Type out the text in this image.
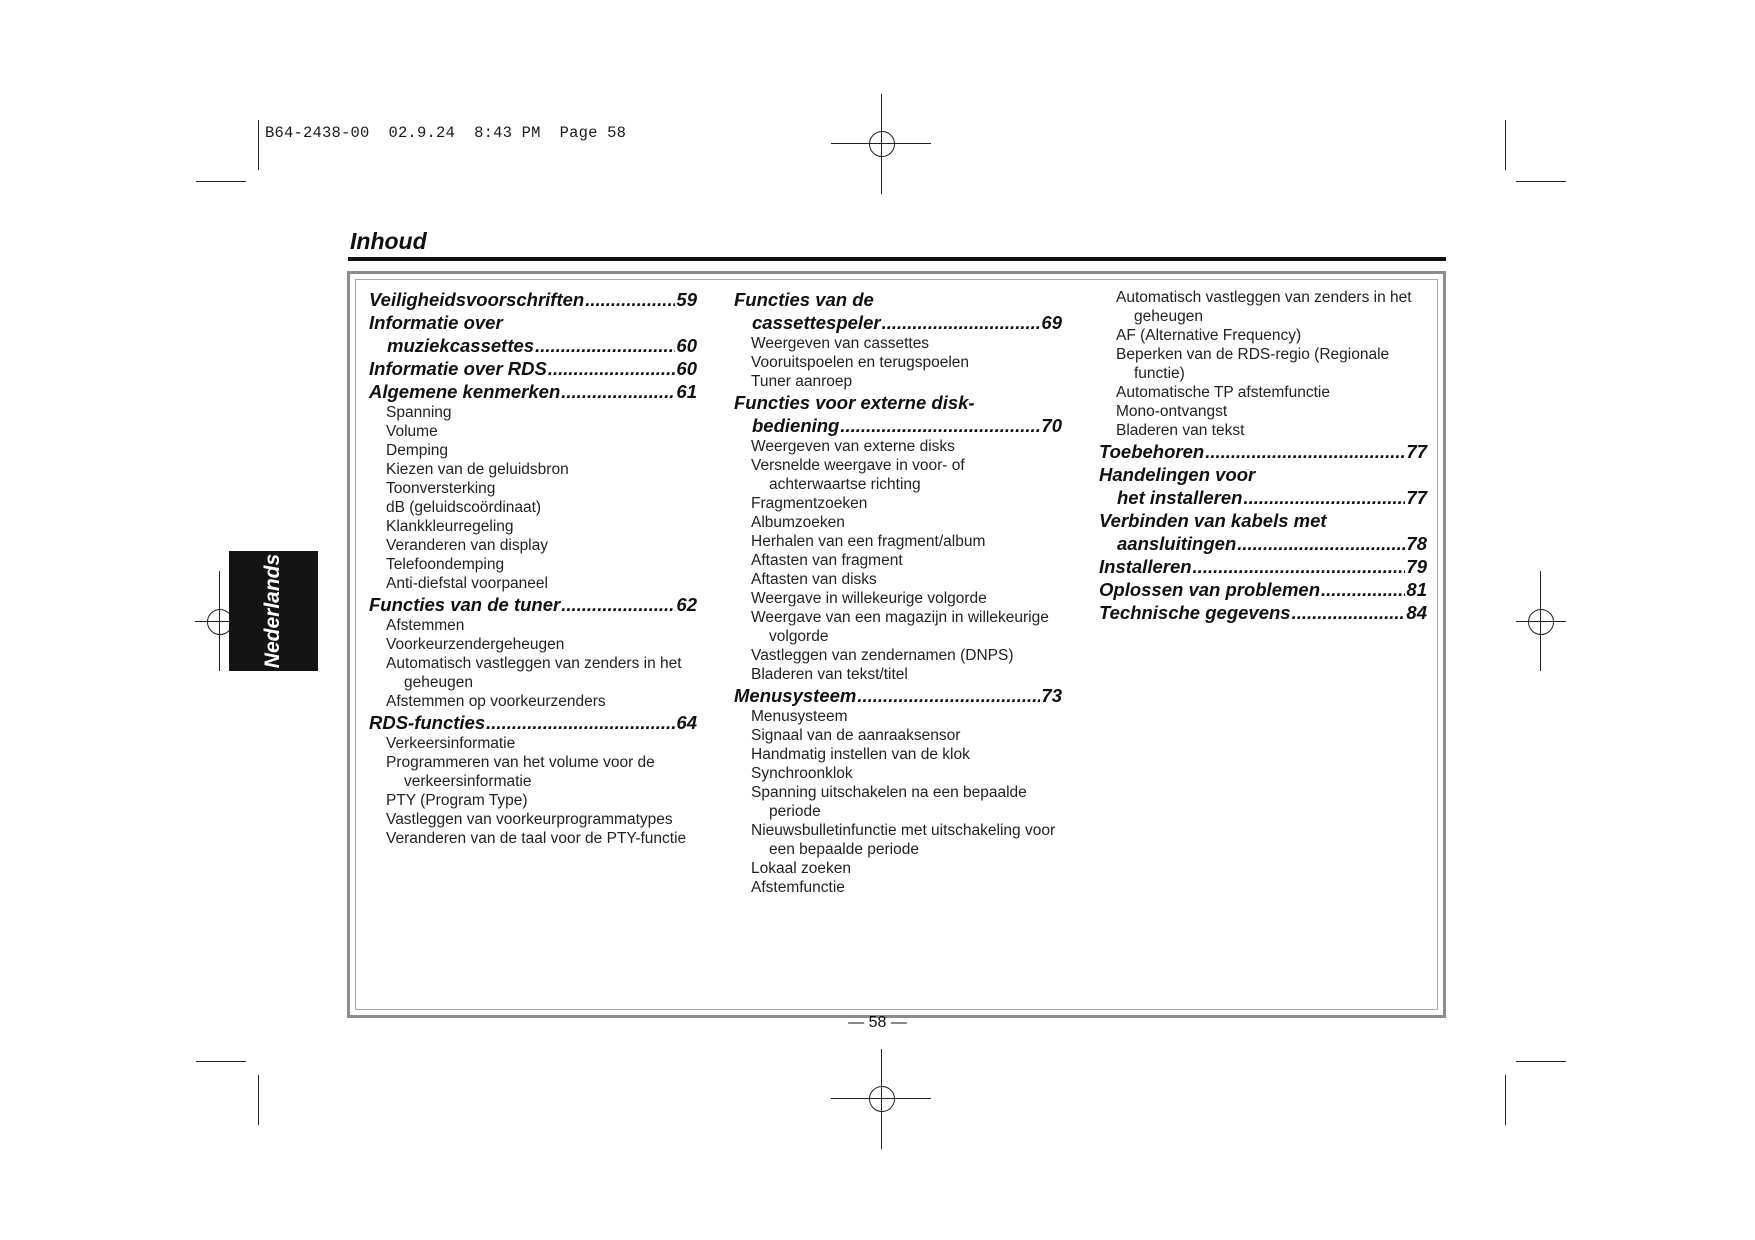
B64-2438-00 02.9.24 8:43 PM Page 58
Inhoud
Nederlands
Veiligheidsvoorschriften .....	59
Informatie over
muziekcassettes .....	60
Informatie over RDS .....	60
Algemene kenmerken .....	61
Spanning
Volume
Demping
Kiezen van de geluidsbron
Toonversterking
dB (geluidscoördinaat)
Klankkleurregeling
Veranderen van display
Telefoondemping
Anti-diefstal voorpaneel
Functies van de tuner .....	62
Afstemmen
Voorkeurzendergeheugen
Automatisch vastleggen van zenders in het geheugen
Afstemmen op voorkeurzenders
RDS-functies .....	64
Verkeersinformatie
Programmeren van het volume voor de verkeersinformatie
PTY (Program Type)
Vastleggen van voorkeurprogrammatypes
Veranderen van de taal voor de PTY-functie
Functies van de
cassettespeler .....	69
Weergeven van cassettes
Vooruitspoelen en terugspoelen
Tuner aanroep
Functies voor externe disk-
bediening .....	70
Weergeven van externe disks
Versnelde weergave in voor- of achterwaartse richting
Fragmentzoeken
Albumzoeken
Herhalen van een fragment/album
Aftasten van fragment
Aftasten van disks
Weergave in willekeurige volgorde
Weergave van een magazijn in willekeurige volgorde
Vastleggen van zendernamen (DNPS)
Bladeren van tekst/titel
Menusysteem .....	73
Menusysteem
Signaal van de aanraaksensor
Handmatig instellen van de klok
Synchroonklok
Spanning uitschakelen na een bepaalde periode
Nieuwsbulletinfunctie met uitschakeling voor een bepaalde periode
Lokaal zoeken
Afstemfunctie
Automatisch vastleggen van zenders in het geheugen
AF (Alternative Frequency)
Beperken van de RDS-regio (Regionale functie)
Automatische TP afstemfunctie
Mono-ontvangst
Bladeren van tekst
Toebehoren .....	77
Handelingen voor
het installeren .....	77
Verbinden van kabels met
aansluitingen .....	78
Installeren .....	79
Oplossen van problemen .....	81
Technische gegevens .....	84
— 58 —
